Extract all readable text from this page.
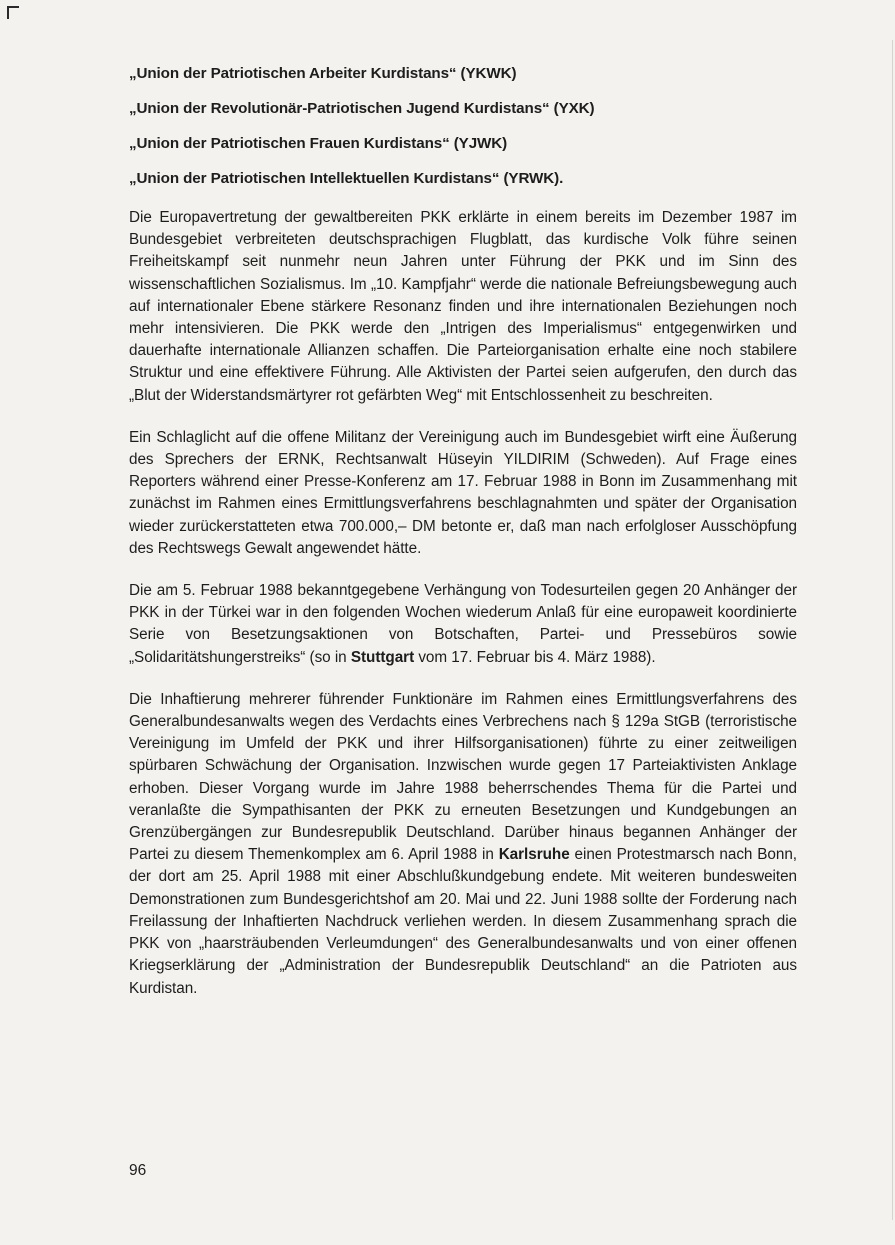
„Union der Patriotischen Arbeiter Kurdistans“ (YKWK)
„Union der Revolutionär-Patriotischen Jugend Kurdistans“ (YXK)
„Union der Patriotischen Frauen Kurdistans“ (YJWK)
„Union der Patriotischen Intellektuellen Kurdistans“ (YRWK).

Die Europavertretung der gewaltbereiten PKK erklärte in einem bereits im Dezember 1987 im Bundesgebiet verbreiteten deutschsprachigen Flugblatt, das kurdische Volk führe seinen Freiheitskampf seit nunmehr neun Jahren unter Führung der PKK und im Sinn des wissenschaftlichen Sozialismus. Im „10. Kampfjahr“ werde die nationale Befreiungsbewegung auch auf internationaler Ebene stärkere Resonanz finden und ihre internationalen Beziehungen noch mehr intensivieren. Die PKK werde den „Intrigen des Imperialismus“ entgegenwirken und dauerhafte internationale Allianzen schaffen. Die Parteiorganisation erhalte eine noch stabilere Struktur und eine effektivere Führung. Alle Aktivisten der Partei seien aufgerufen, den durch das „Blut der Widerstandsmärtyrer rot gefärbten Weg“ mit Entschlossenheit zu beschreiten.

Ein Schlaglicht auf die offene Militanz der Vereinigung auch im Bundesgebiet wirft eine Äußerung des Sprechers der ERNK, Rechtsanwalt Hüseyin YILDIRIM (Schweden). Auf Frage eines Reporters während einer Presse-Konferenz am 17. Februar 1988 in Bonn im Zusammenhang mit zunächst im Rahmen eines Ermittlungsverfahrens beschlagnahmten und später der Organisation wieder zurückerstatteten etwa 700.000,– DM betonte er, daß man nach erfolgloser Ausschöpfung des Rechtswegs Gewalt angewendet hätte.

Die am 5. Februar 1988 bekanntgegebene Verhängung von Todesurteilen gegen 20 Anhänger der PKK in der Türkei war in den folgenden Wochen wiederum Anlaß für eine europaweit koordinierte Serie von Besetzungsaktionen von Botschaften, Partei- und Pressebüros sowie „Solidaritätshungerstreiks“ (so in Stuttgart vom 17. Februar bis 4. März 1988).

Die Inhaftierung mehrerer führender Funktionäre im Rahmen eines Ermittlungsverfahrens des Generalbundesanwalts wegen des Verdachts eines Verbrechens nach § 129a StGB (terroristische Vereinigung im Umfeld der PKK und ihrer Hilfsorganisationen) führte zu einer zeitweiligen spürbaren Schwächung der Organisation. Inzwischen wurde gegen 17 Parteiaktivisten Anklage erhoben. Dieser Vorgang wurde im Jahre 1988 beherrschendes Thema für die Partei und veranlaßte die Sympathisanten der PKK zu erneuten Besetzungen und Kundgebungen an Grenzübergängen zur Bundesrepublik Deutschland. Darüber hinaus begannen Anhänger der Partei zu diesem Themenkomplex am 6. April 1988 in Karlsruhe einen Protestmarsch nach Bonn, der dort am 25. April 1988 mit einer Abschlußkundgebung endete. Mit weiteren bundesweiten Demonstrationen zum Bundesgerichtshof am 20. Mai und 22. Juni 1988 sollte der Forderung nach Freilassung der Inhaftierten Nachdruck verliehen werden. In diesem Zusammenhang sprach die PKK von „haarsträubenden Verleumdungen“ des Generalbundesanwalts und von einer offenen Kriegserklärung der „Administration der Bundesrepublik Deutschland“ an die Patrioten aus Kurdistan.

96
